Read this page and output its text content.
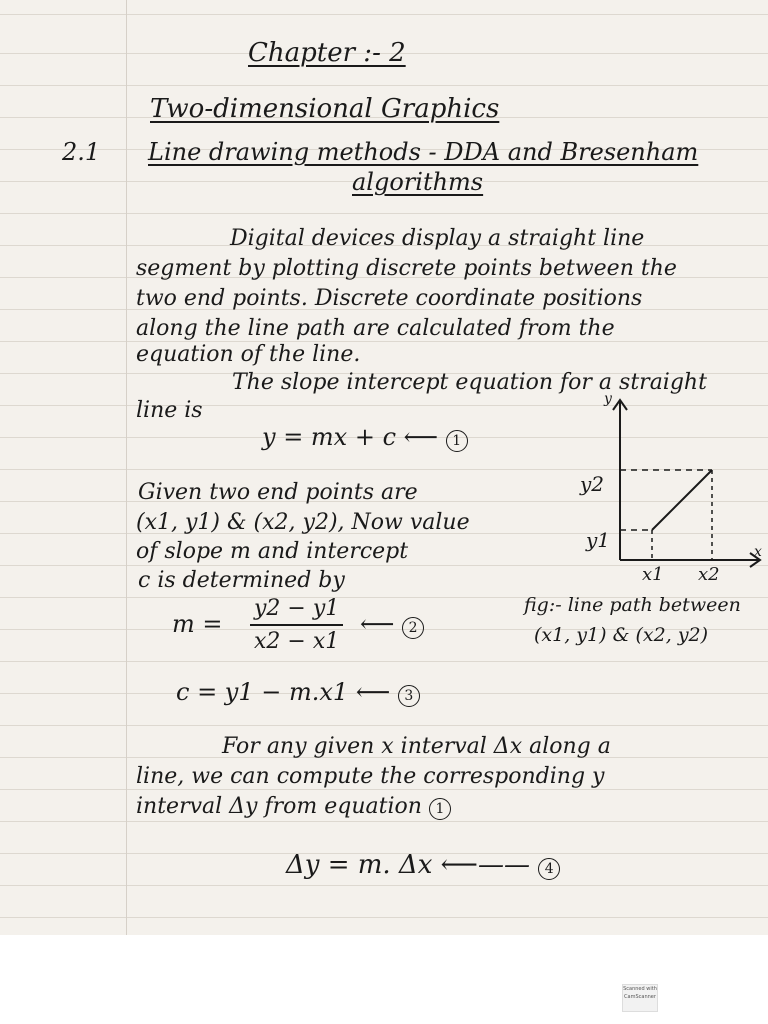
Chapter :- 2
Two-dimensional Graphics
2.1 Line drawing methods - DDA and Bresenham
algorithms
Digital devices display a straight line
segment by plotting discrete points between the
two end points. Discrete coordinate positions
along the line path are calculated from the
equation of the line.
The slope intercept equation for a straight
line is
y = mx + c ⟵ 1
Given two end points are
(x1, y1) & (x2, y2), Now value
of slope m and intercept
c is determined by
$m = \frac{y2 - y1}{x2 - x1}$ ⟵ 2
c = y1 − m.x1 ⟵ 3
For any given x interval Δx along a
line, we can compute the corresponding y
interval Δy from equation 1
Δy = m. Δx ⟵—— 4
y
x
y2
y1
x1 x2
fig:- line path between
(x1, y1) & (x2, y2)
Scanned with CamScanner
